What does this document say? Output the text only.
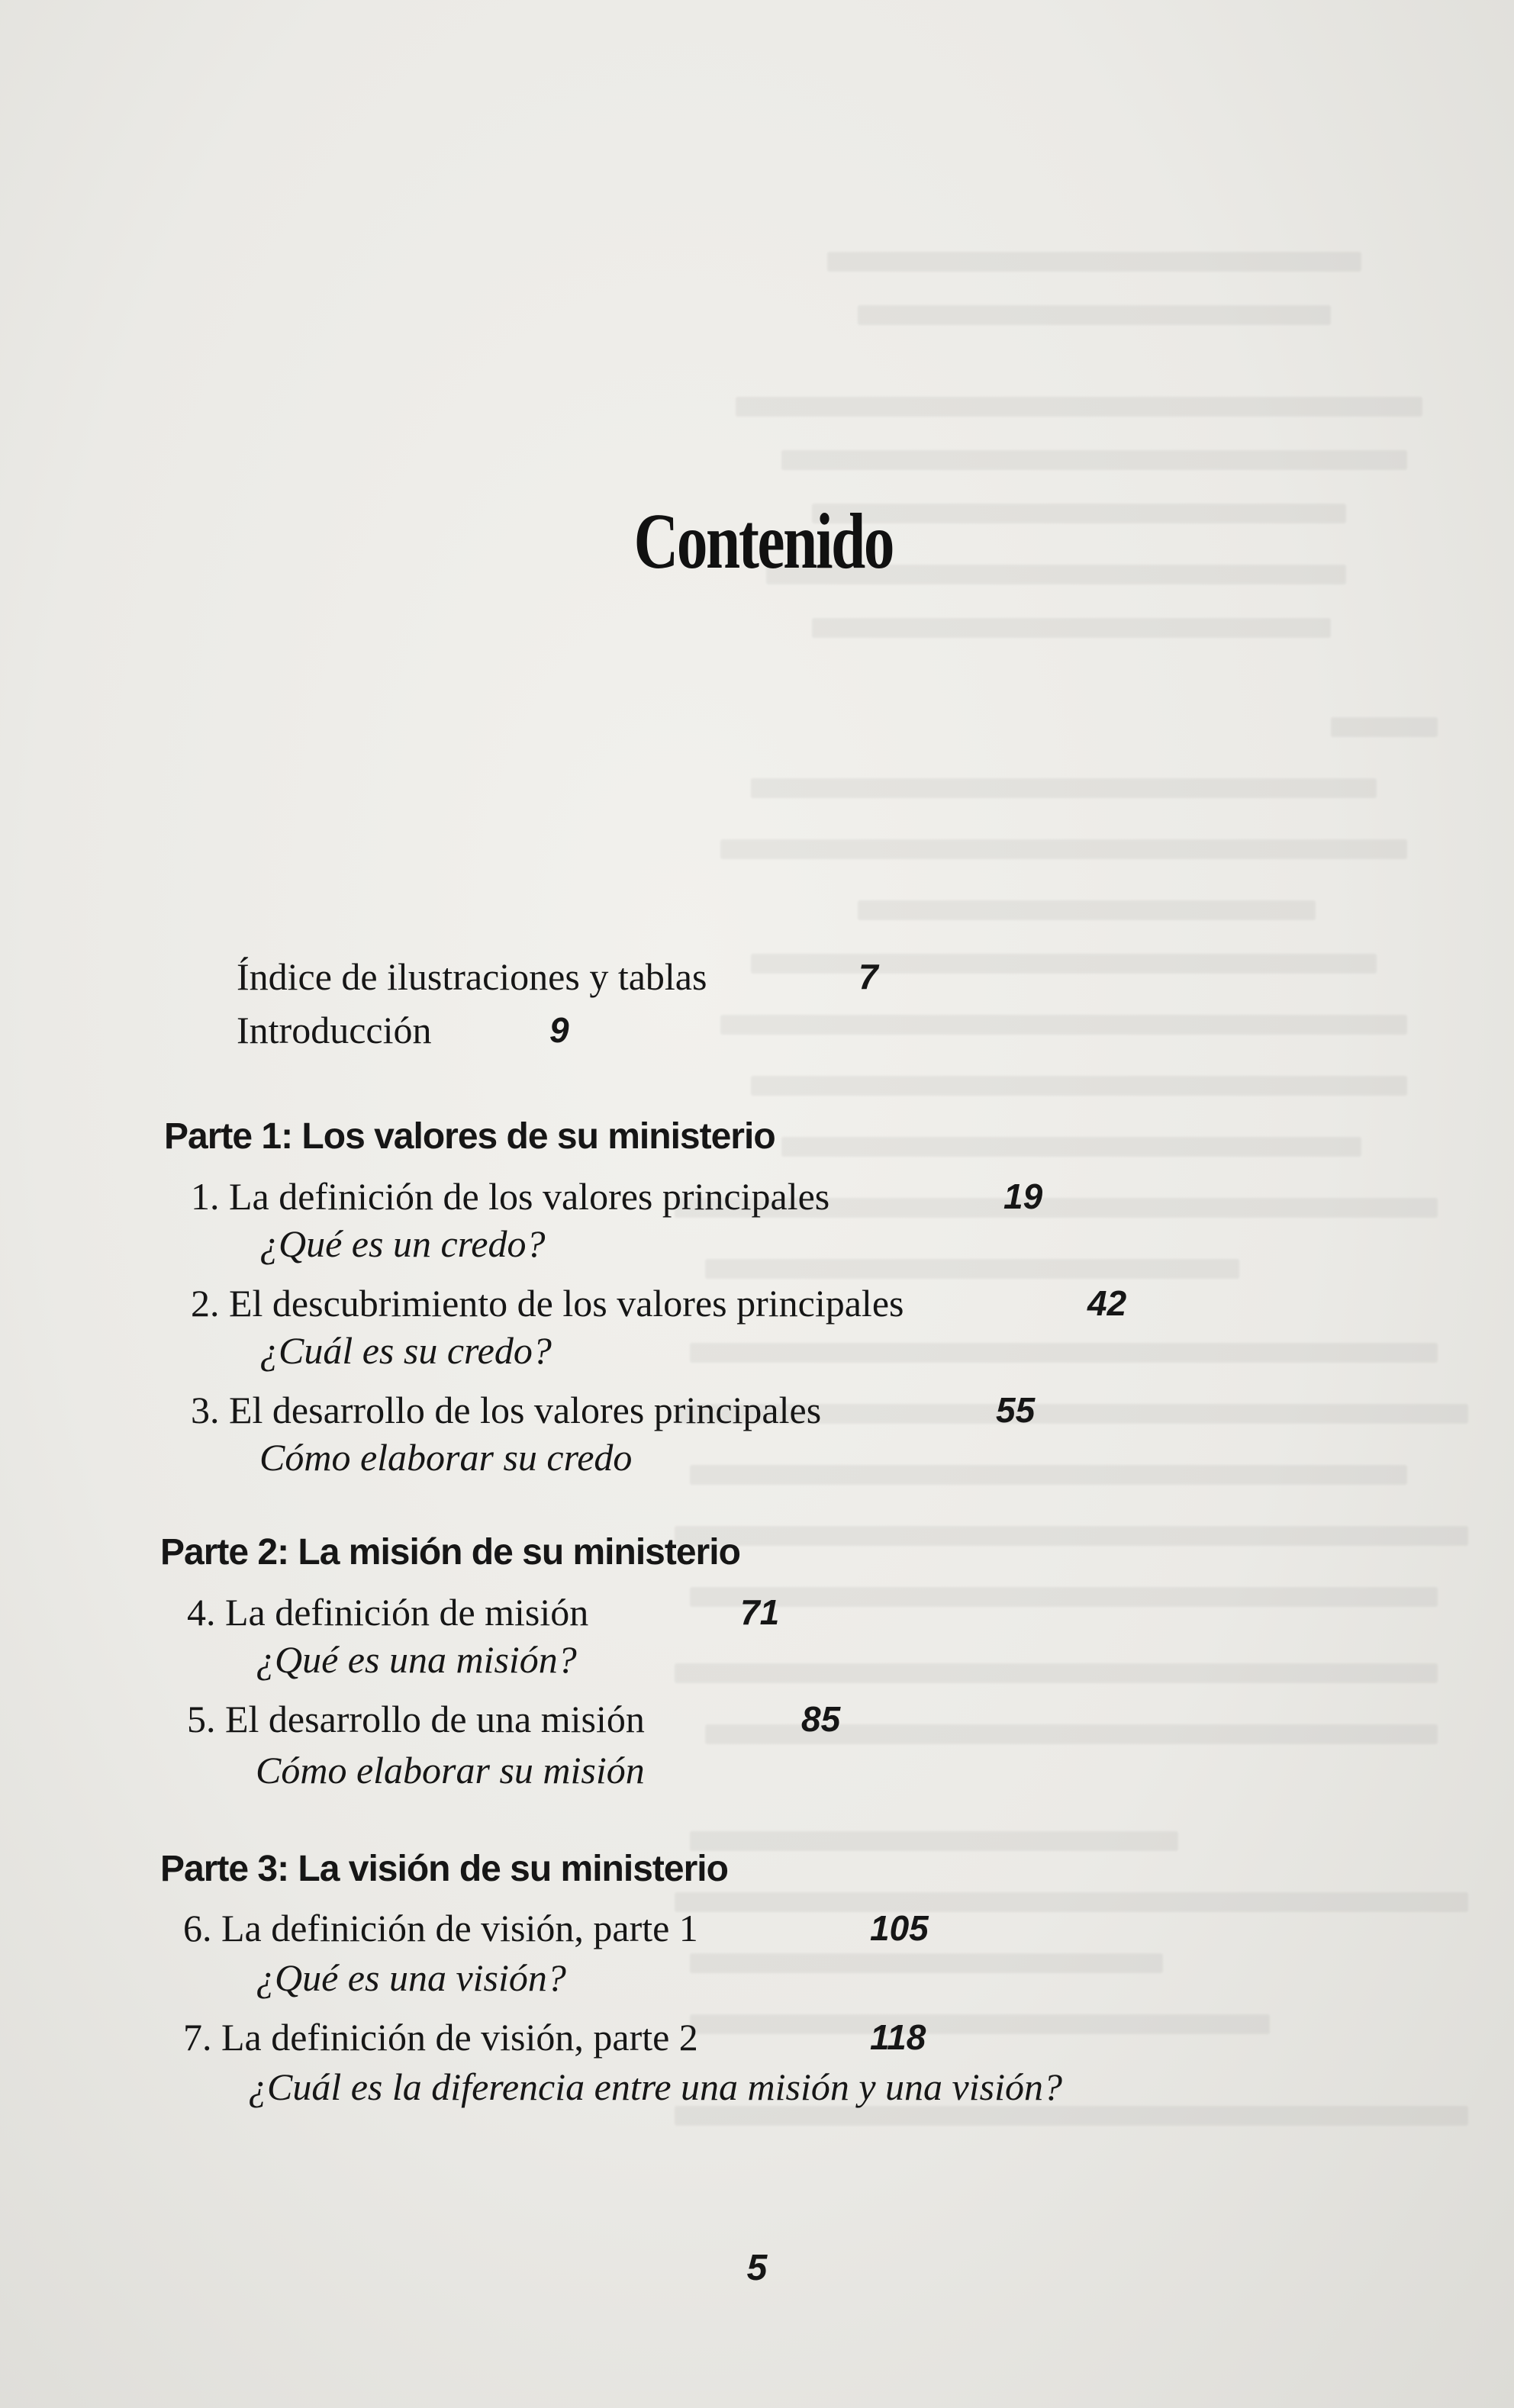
Contenido
Índice de ilustraciones y tablas	7
Introducción	9
Parte 1: Los valores de su ministerio
1. La definición de los valores principales	19
¿Qué es un credo?
2. El descubrimiento de los valores principales	42
¿Cuál es su credo?
3. El desarrollo de los valores principales	55
Cómo elaborar su credo
Parte 2: La misión de su ministerio
4. La definición de misión	71
¿Qué es una misión?
5. El desarrollo de una misión	85
Cómo elaborar su misión
Parte 3: La visión de su ministerio
6. La definición de visión, parte 1	105
¿Qué es una visión?
7. La definición de visión, parte 2	118
¿Cuál es la diferencia entre una misión y una visión?
5
